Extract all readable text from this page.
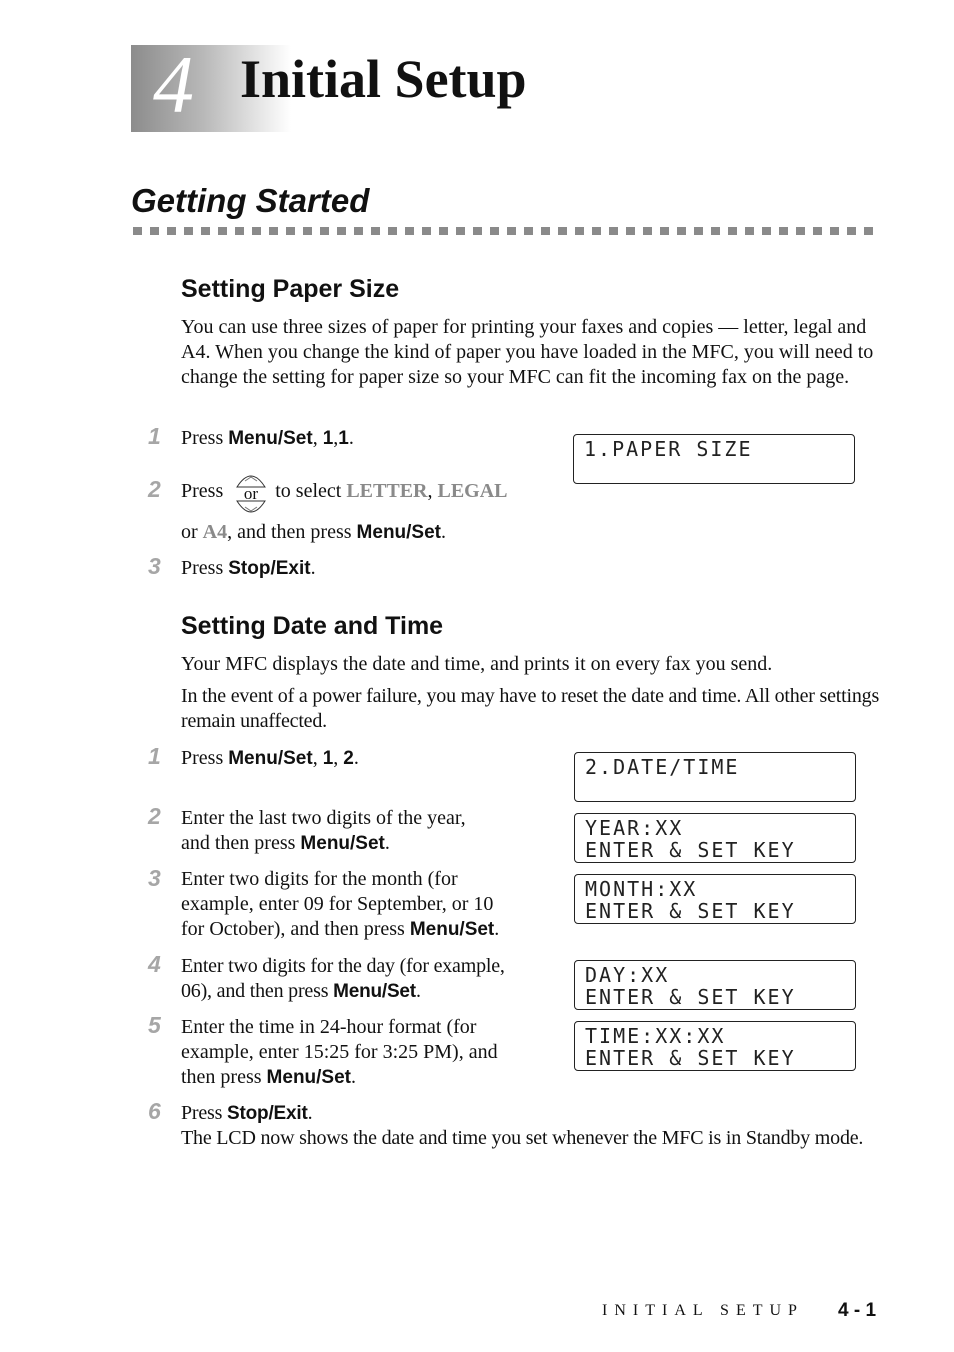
4 Initial Setup
Getting Started
Setting Paper Size
You can use three sizes of paper for printing your faxes and copies — letter, legal and A4. When you change the kind of paper you have loaded in the MFC, you will need to change the setting for paper size so your MFC can fit the incoming fax on the page.
1 Press Menu/Set, 1,1.
2 Press  to select LETTER, LEGAL
or
or A4, and then press Menu/Set.
3 Press Stop/Exit.
1.PAPER SIZE
Setting Date and Time
Your MFC displays the date and time, and prints it on every fax you send.
In the event of a power failure, you may have to reset the date and time. All other settings remain unaffected.
1 Press Menu/Set, 1, 2.
2 Enter the last two digits of the year,
and then press Menu/Set.
3 Enter two digits for the month (for
example, enter 09 for September, or 10
for October), and then press Menu/Set.
4 Enter two digits for the day (for example,
06), and then press Menu/Set.
5 Enter the time in 24-hour format (for
example, enter 15:25 for 3:25 PM), and
then press Menu/Set.
6 Press Stop/Exit.
The LCD now shows the date and time you set whenever the MFC is in Standby mode.
2.DATE/TIME
YEAR:XX
ENTER & SET KEY
MONTH:XX
ENTER & SET KEY
DAY:XX
ENTER & SET KEY
TIME:XX:XX
ENTER & SET KEY
INITIAL SETUP 4 - 1
